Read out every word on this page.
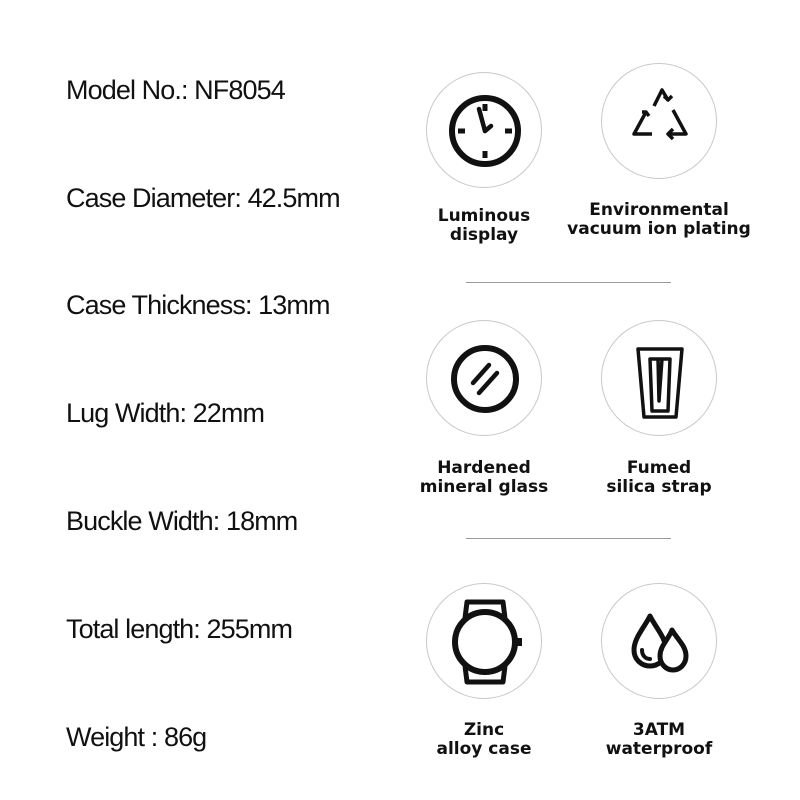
Model No.: NF8054
Case Diameter: 42.5mm
Case Thickness: 13mm
Lug Width: 22mm
Buckle Width: 18mm
Total length: 255mm
Weight : 86g
Luminous
display
Environmental
vacuum ion plating
Hardened
mineral glass
Fumed
silica strap
Zinc
alloy case
3ATM
waterproof
